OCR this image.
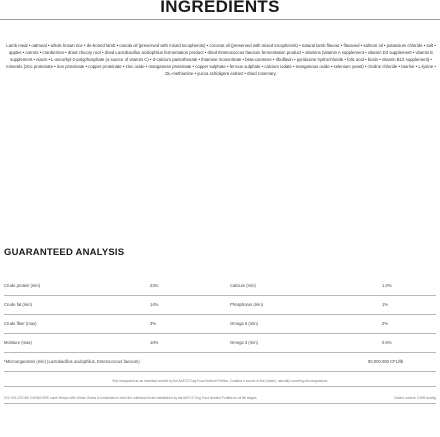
INGREDIENTS

Lamb meal • oatmeal • whole brown rice • de-boned lamb • canola oil (preserved with mixed tocopherols) • coconut oil (preserved with mixed tocopherols) • natural lamb flavour • flaxseed • salmon oil • potassium chloride • salt • apples • carrots • cranberries • dried chicory root • dried Lactobacillus acidophilus fermentation product • dried Enterococcus faecium fermentation product • vitamins (vitamin A supplement • vitamin D3 supplement • vitamin E supplement • niacin • L-ascorbyl-2-polyphosphate (a source of vitamin C) • d-calcium pantothenate • thiamine mononitrate • beta-carotene • riboflavin • pyridoxine hydrochloride • folic acid • biotin • vitamin B12 supplement) • minerals (zinc proteinate • iron proteinate • copper proteinate • zinc oxide • manganese proteinate • copper sulphate • ferrous sulphate • calcium iodate • manganous oxide • selenium yeast) • choline chloride • taurine • L-lysine • DL-methionine • yucca schidigera extract • dried rosemary.

GUARANTEED ANALYSIS
Crude protein (min)	23%	Calcium (min)	1.0%
Crude fat (min)	14%	Phosphorus (min)	1%
Crude fiber (max)	3%	Omega 6 (min)	2%
Moisture (max)	10%	Omega 3 (min)	0.5%
*Microorganisms (min) (Lactobacillus acidophilus, Enterococcus faecium)	90,000,000 CFU/lb
*Not recognized as an essential nutrient by the AAFCO Dog Food Nutrient Profiles. Contains a source of live (viable), naturally occurring microorganisms.
GO! SOLUTIONS CARNIVORE Lamb Recipe With Whole Grains is formulated to meet the nutritional levels established by the AAFCO Dog Food Nutrient Profiles for all life stages.	Calorie content: 3,605 kcal/kg
